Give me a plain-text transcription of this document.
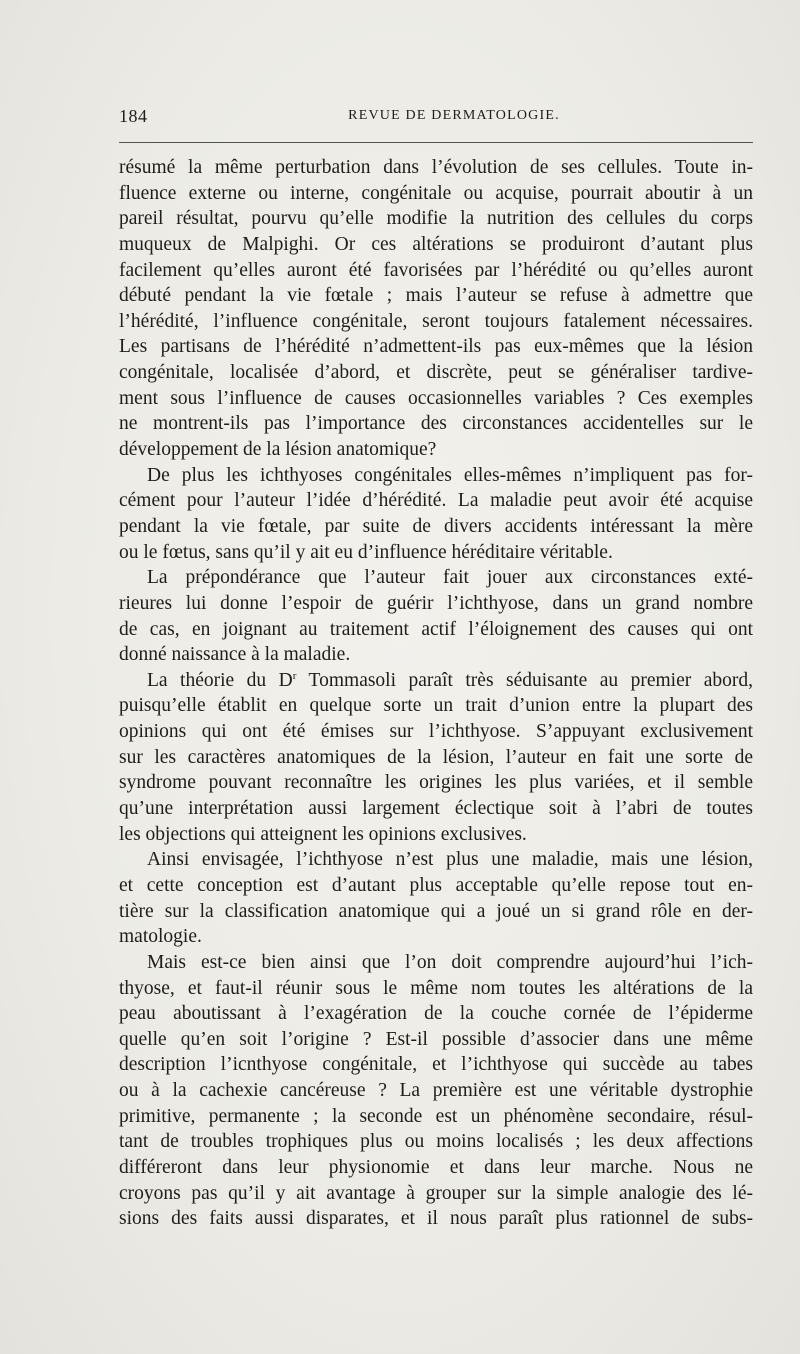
184	REVUE DE DERMATOLOGIE.
résumé la même perturbation dans l’évolution de ses cellules. Toute in-
fluence externe ou interne, congénitale ou acquise, pourrait aboutir à un
pareil résultat, pourvu qu’elle modifie la nutrition des cellules du corps
muqueux de Malpighi. Or ces altérations se produiront d’autant plus
facilement qu’elles auront été favorisées par l’hérédité ou qu’elles auront
débuté pendant la vie fœtale ; mais l’auteur se refuse à admettre que
l’hérédité, l’influence congénitale, seront toujours fatalement nécessaires.
Les partisans de l’hérédité n’admettent-ils pas eux-mêmes que la lésion
congénitale, localisée d’abord, et discrète, peut se généraliser tardive-
ment sous l’influence de causes occasionnelles variables ? Ces exemples
ne montrent-ils pas l’importance des circonstances accidentelles sur le
développement de la lésion anatomique?
De plus les ichthyoses congénitales elles-mêmes n’impliquent pas for-
cément pour l’auteur l’idée d’hérédité. La maladie peut avoir été acquise
pendant la vie fœtale, par suite de divers accidents intéressant la mère
ou le fœtus, sans qu’il y ait eu d’influence héréditaire véritable.
La prépondérance que l’auteur fait jouer aux circonstances exté-
rieures lui donne l’espoir de guérir l’ichthyose, dans un grand nombre
de cas, en joignant au traitement actif l’éloignement des causes qui ont
donné naissance à la maladie.
La théorie du $D^r$ Tommasoli paraît très séduisante au premier abord,
puisqu’elle établit en quelque sorte un trait d’union entre la plupart des
opinions qui ont été émises sur l’ichthyose. S’appuyant exclusivement
sur les caractères anatomiques de la lésion, l’auteur en fait une sorte de
syndrome pouvant reconnaître les origines les plus variées, et il semble
qu’une interprétation aussi largement éclectique soit à l’abri de toutes
les objections qui atteignent les opinions exclusives.
Ainsi envisagée, l’ichthyose n’est plus une maladie, mais une lésion,
et cette conception est d’autant plus acceptable qu’elle repose tout en-
tière sur la classification anatomique qui a joué un si grand rôle en der-
matologie.
Mais est-ce bien ainsi que l’on doit comprendre aujourd’hui l’ich-
thyose, et faut-il réunir sous le même nom toutes les altérations de la
peau aboutissant à l’exagération de la couche cornée de l’épiderme
quelle qu’en soit l’origine ? Est-il possible d’associer dans une même
description l’icnthyose congénitale, et l’ichthyose qui succède au tabes
ou à la cachexie cancéreuse ? La première est une véritable dystrophie
primitive, permanente ; la seconde est un phénomène secondaire, résul-
tant de troubles trophiques plus ou moins localisés ; les deux affections
différeront dans leur physionomie et dans leur marche. Nous ne
croyons pas qu’il y ait avantage à grouper sur la simple analogie des lé-
sions des faits aussi disparates, et il nous paraît plus rationnel de subs-
